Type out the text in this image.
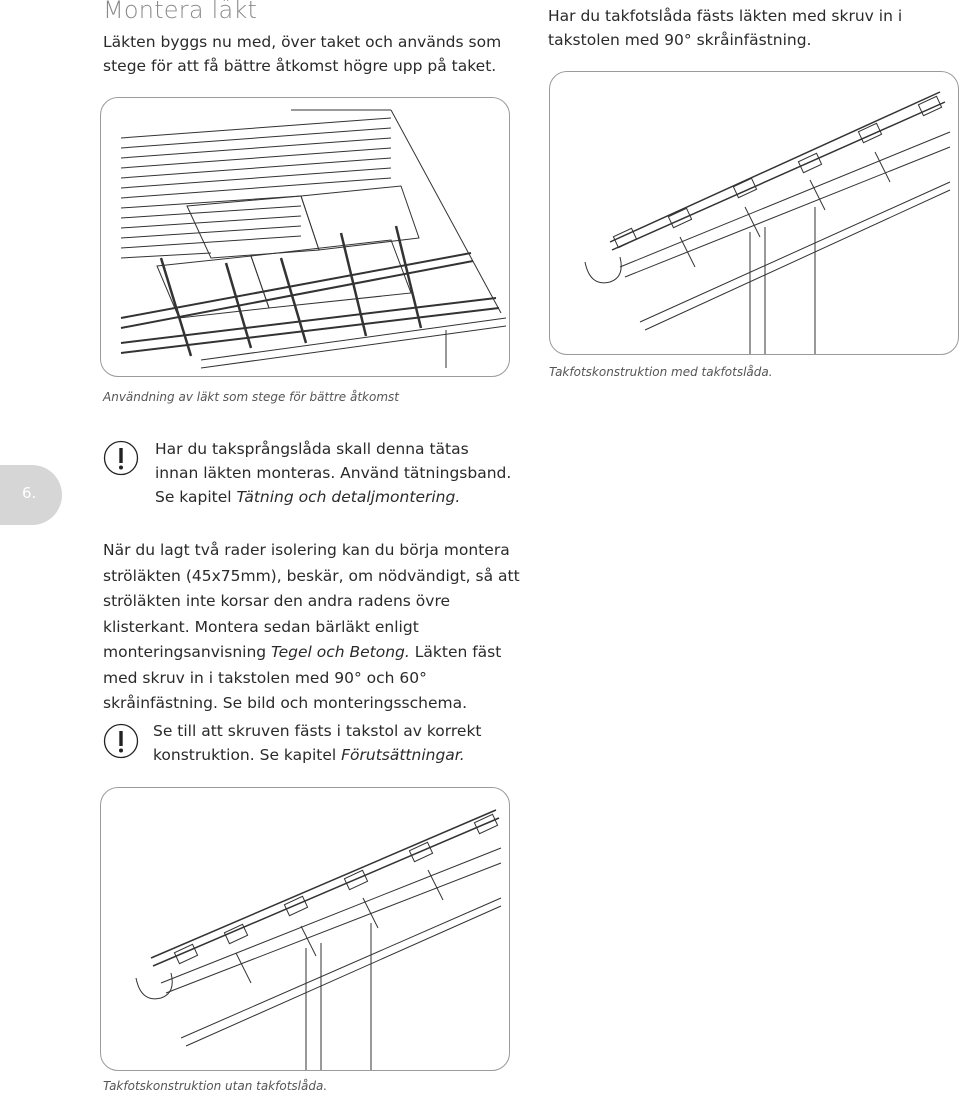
Montera läkt
Läkten byggs nu med, över taket och används som stege för att få bättre åtkomst högre upp på taket.
Har du takfotslåda fästs läkten med skruv in i takstolen med 90° skråinfästning.
Användning av läkt som stege för bättre åtkomst
Takfotskonstruktion med takfotslåda.
6.
Har du taksprångslåda skall denna tätas innan läkten monteras. Använd tätningsband. Se kapitel Tätning och detaljmontering.
När du lagt två rader isolering kan du börja montera ströläkten (45x75mm), beskär, om nödvändigt, så att ströläkten inte korsar den andra radens övre klisterkant. Montera sedan bärläkt enligt monteringsanvisning Tegel och Betong. Läkten fäst med skruv in i takstolen med 90° och 60° skråinfästning. Se bild och monteringsschema.
Se till att skruven fästs i takstol av korrekt konstruktion. Se kapitel Förutsättningar.
Takfotskonstruktion utan takfotslåda.
